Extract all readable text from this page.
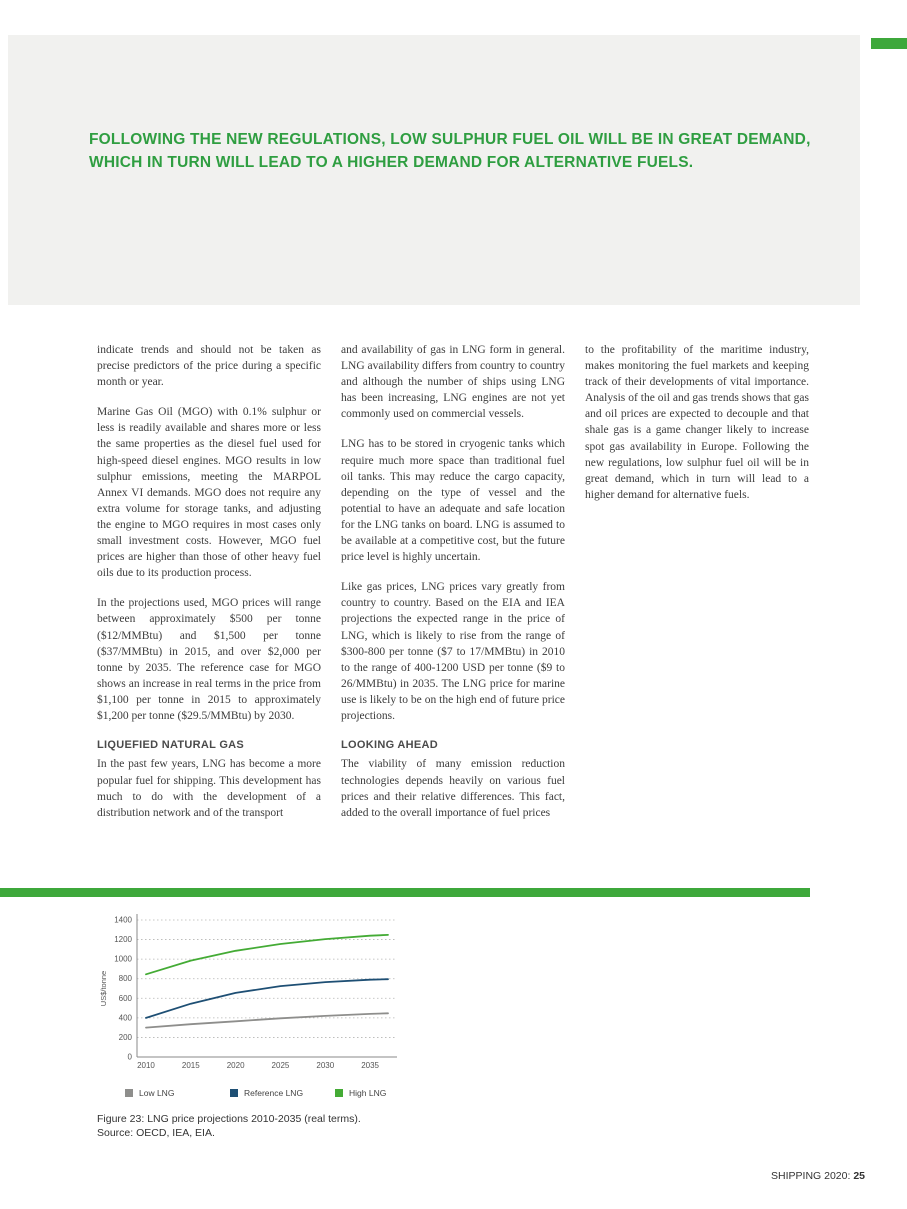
FOLLOWING THE NEW REGULATIONS, LOW SULPHUR FUEL OIL WILL BE IN GREAT DEMAND, WHICH IN TURN WILL LEAD TO A HIGHER DEMAND FOR ALTERNATIVE FUELS.

indicate trends and should not be taken as precise predictors of the price during a specific month or year.

Marine Gas Oil (MGO) with 0.1% sulphur or less is readily available and shares more or less the same properties as the diesel fuel used for high-speed diesel engines. MGO results in low sulphur emissions, meeting the MARPOL Annex VI demands. MGO does not require any extra volume for storage tanks, and adjusting the engine to MGO requires in most cases only small investment costs. However, MGO fuel prices are higher than those of other heavy fuel oils due to its production process.

In the projections used, MGO prices will range between approximately $500 per tonne ($12/MMBtu) and $1,500 per tonne ($37/MMBtu) in 2015, and over $2,000 per tonne by 2035. The reference case for MGO shows an increase in real terms in the price from $1,100 per tonne in 2015 to approximately $1,200 per tonne ($29.5/MMBtu) by 2030.

LIQUEFIED NATURAL GAS

In the past few years, LNG has become a more popular fuel for shipping. This development has much to do with the development of a distribution network and of the transport

and availability of gas in LNG form in general. LNG availability differs from country to country and although the number of ships using LNG has been increasing, LNG engines are not yet commonly used on commercial vessels.

LNG has to be stored in cryogenic tanks which require much more space than traditional fuel oil tanks. This may reduce the cargo capacity, depending on the type of vessel and the potential to have an adequate and safe location for the LNG tanks on board. LNG is assumed to be available at a competitive cost, but the future price level is highly uncertain.

Like gas prices, LNG prices vary greatly from country to country. Based on the EIA and IEA projections the expected range in the price of LNG, which is likely to rise from the range of $300-800 per tonne ($7 to 17/MMBtu) in 2010 to the range of 400-1200 USD per tonne ($9 to 26/MMBtu) in 2035. The LNG price for marine use is likely to be on the high end of future price projections.

LOOKING AHEAD

The viability of many emission reduction technologies depends heavily on various fuel prices and their relative differences. This fact, added to the overall importance of fuel prices

to the profitability of the maritime industry, makes monitoring the fuel markets and keeping track of their developments of vital importance. Analysis of the oil and gas trends shows that gas and oil prices are expected to decouple and that shale gas is a game changer likely to increase spot gas availability in Europe. Following the new regulations, low sulphur fuel oil will be in great demand, which in turn will lead to a higher demand for alternative fuels.

0
200
400
600
800
1000
1200
1400
2010	2015	2020	2025	2030	2035
US$/tonne
Low LNG	Reference LNG	High LNG
Figure 23: LNG price projections 2010-2035 (real terms).
Source: OECD, IEA, EIA.
SHIPPING 2020: 25
